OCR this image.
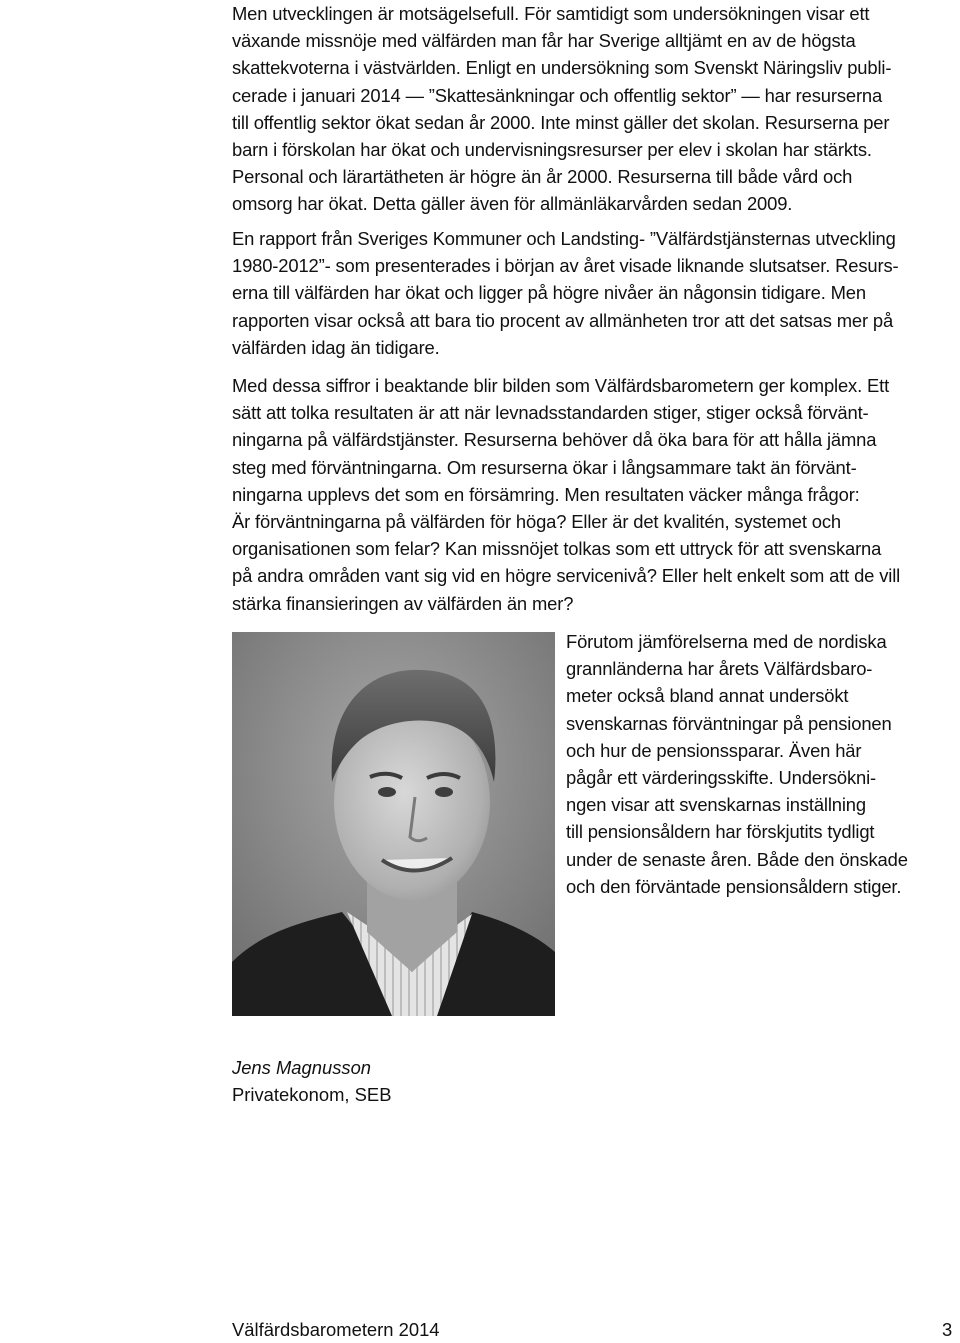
Men utvecklingen är motsägelsefull. För samtidigt som undersökningen visar ett
växande missnöje med välfärden man får har Sverige alltjämt en av de högsta
skattekvoterna i västvärlden. Enligt en undersökning som Svenskt Näringsliv publi-
cerade i januari 2014 — ”Skattesänkningar och offentlig sektor” — har resurserna
till offentlig sektor ökat sedan år 2000. Inte minst gäller det skolan. Resurserna per
barn i förskolan har ökat och undervisningsresurser per elev i skolan har stärkts.
Personal och lärartätheten är högre än år 2000. Resurserna till både vård och
omsorg har ökat. Detta gäller även för allmänläkarvården sedan 2009.
En rapport från Sveriges Kommuner och Landsting- ”Välfärdstjänsternas utveckling
1980-2012”- som presenterades i början av året visade liknande slutsatser. Resurs-
erna till välfärden har ökat och ligger på högre nivåer än någonsin tidigare. Men
rapporten visar också att bara tio procent av allmänheten tror att det satsas mer på
välfärden idag än tidigare.
Med dessa siffror i beaktande blir bilden som Välfärdsbarometern ger komplex. Ett
sätt att tolka resultaten är att när levnadsstandarden stiger, stiger också förvänt-
ningarna på välfärdstjänster. Resurserna behöver då öka bara för att hålla jämna
steg med förväntningarna. Om resurserna ökar i långsammare takt än förvänt-
ningarna upplevs det som en försämring. Men resultaten väcker många frågor:
Är förväntningarna på välfärden för höga? Eller är det kvalitén, systemet och
organisationen som felar? Kan missnöjet tolkas som ett uttryck för att svenskarna
på andra områden vant sig vid en högre servicenivå? Eller helt enkelt som att de vill
stärka finansieringen av välfärden än mer?
Förutom jämförelserna med de nordiska
grannländerna har årets Välfärdsbaro-
meter också bland annat undersökt
svenskarnas förväntningar på pensionen
och hur de pensionssparar. Även här
pågår ett värderingsskifte. Undersökni-
ngen visar att svenskarnas inställning
till pensionsåldern har förskjutits tydligt
under de senaste åren. Både den önskade
och den förväntade pensionsåldern stiger.
Jens Magnusson
Privatekonom, SEB
Välfärdsbarometern 2014	3
